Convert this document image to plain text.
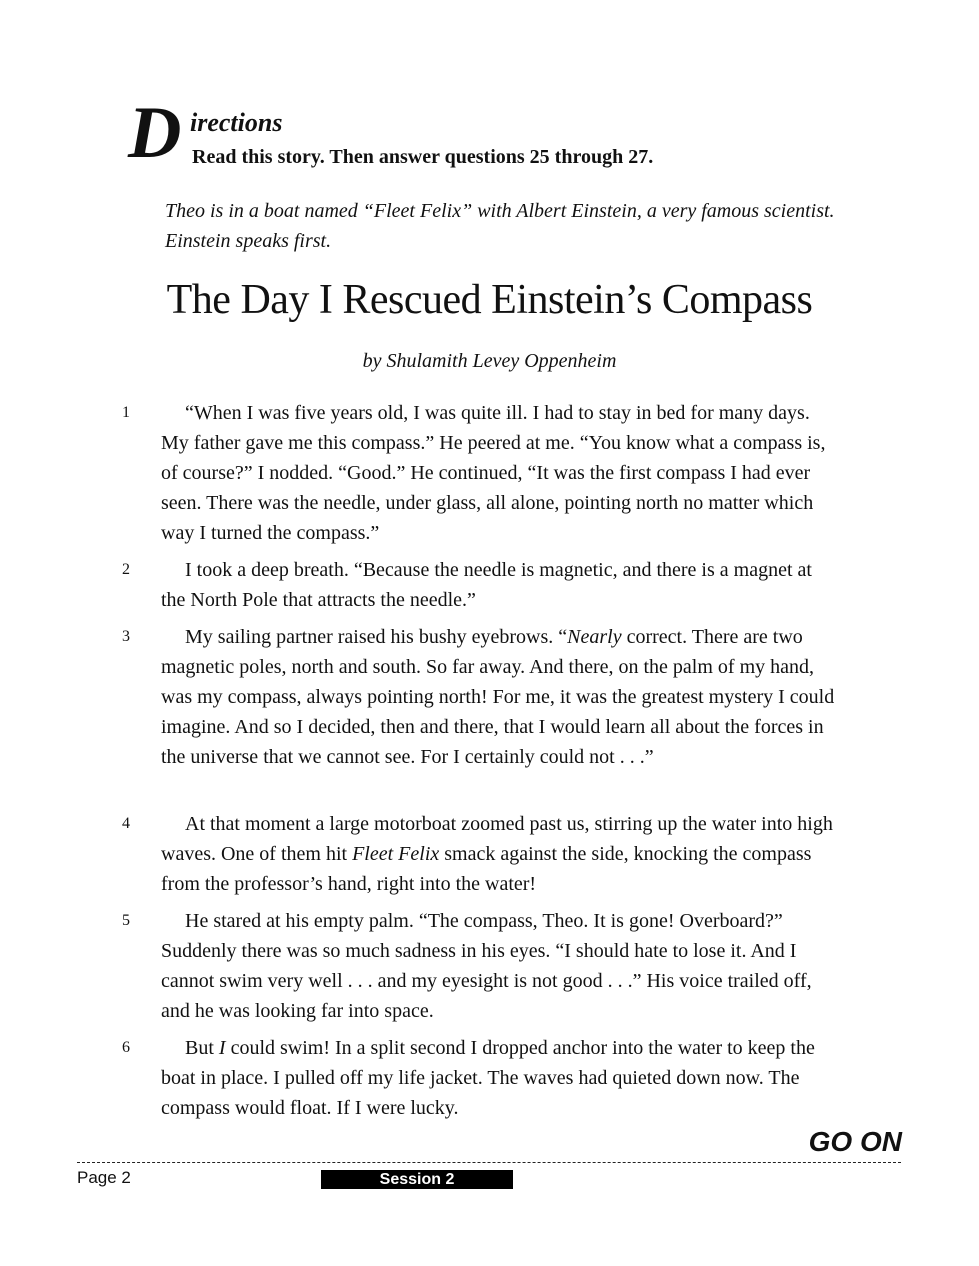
D irections
Read this story. Then answer questions 25 through 27.
Theo is in a boat named “Fleet Felix” with Albert Einstein, a very famous scientist. Einstein speaks first.
The Day I Rescued Einstein’s Compass
by Shulamith Levey Oppenheim
1	“When I was five years old, I was quite ill. I had to stay in bed for many days. My father gave me this compass.” He peered at me. “You know what a compass is, of course?” I nodded. “Good.” He continued, “It was the first compass I had ever seen. There was the needle, under glass, all alone, pointing north no matter which way I turned the compass.”

2	I took a deep breath. “Because the needle is magnetic, and there is a magnet at the North Pole that attracts the needle.”

3	My sailing partner raised his bushy eyebrows. “Nearly correct. There are two magnetic poles, north and south. So far away. And there, on the palm of my hand, was my compass, always pointing north! For me, it was the greatest mystery I could imagine. And so I decided, then and there, that I would learn all about the forces in the universe that we cannot see. For I certainly could not . . .”

4	At that moment a large motorboat zoomed past us, stirring up the water into high waves. One of them hit Fleet Felix smack against the side, knocking the compass from the professor’s hand, right into the water!

5	He stared at his empty palm. “The compass, Theo. It is gone! Overboard?” Suddenly there was so much sadness in his eyes. “I should hate to lose it. And I cannot swim very well . . . and my eyesight is not good . . .” His voice trailed off, and he was looking far into space.

6	But I could swim! In a split second I dropped anchor into the water to keep the boat in place. I pulled off my life jacket. The waves had quieted down now. The compass would float. If I were lucky.

GO ON
Page 2	Session 2
